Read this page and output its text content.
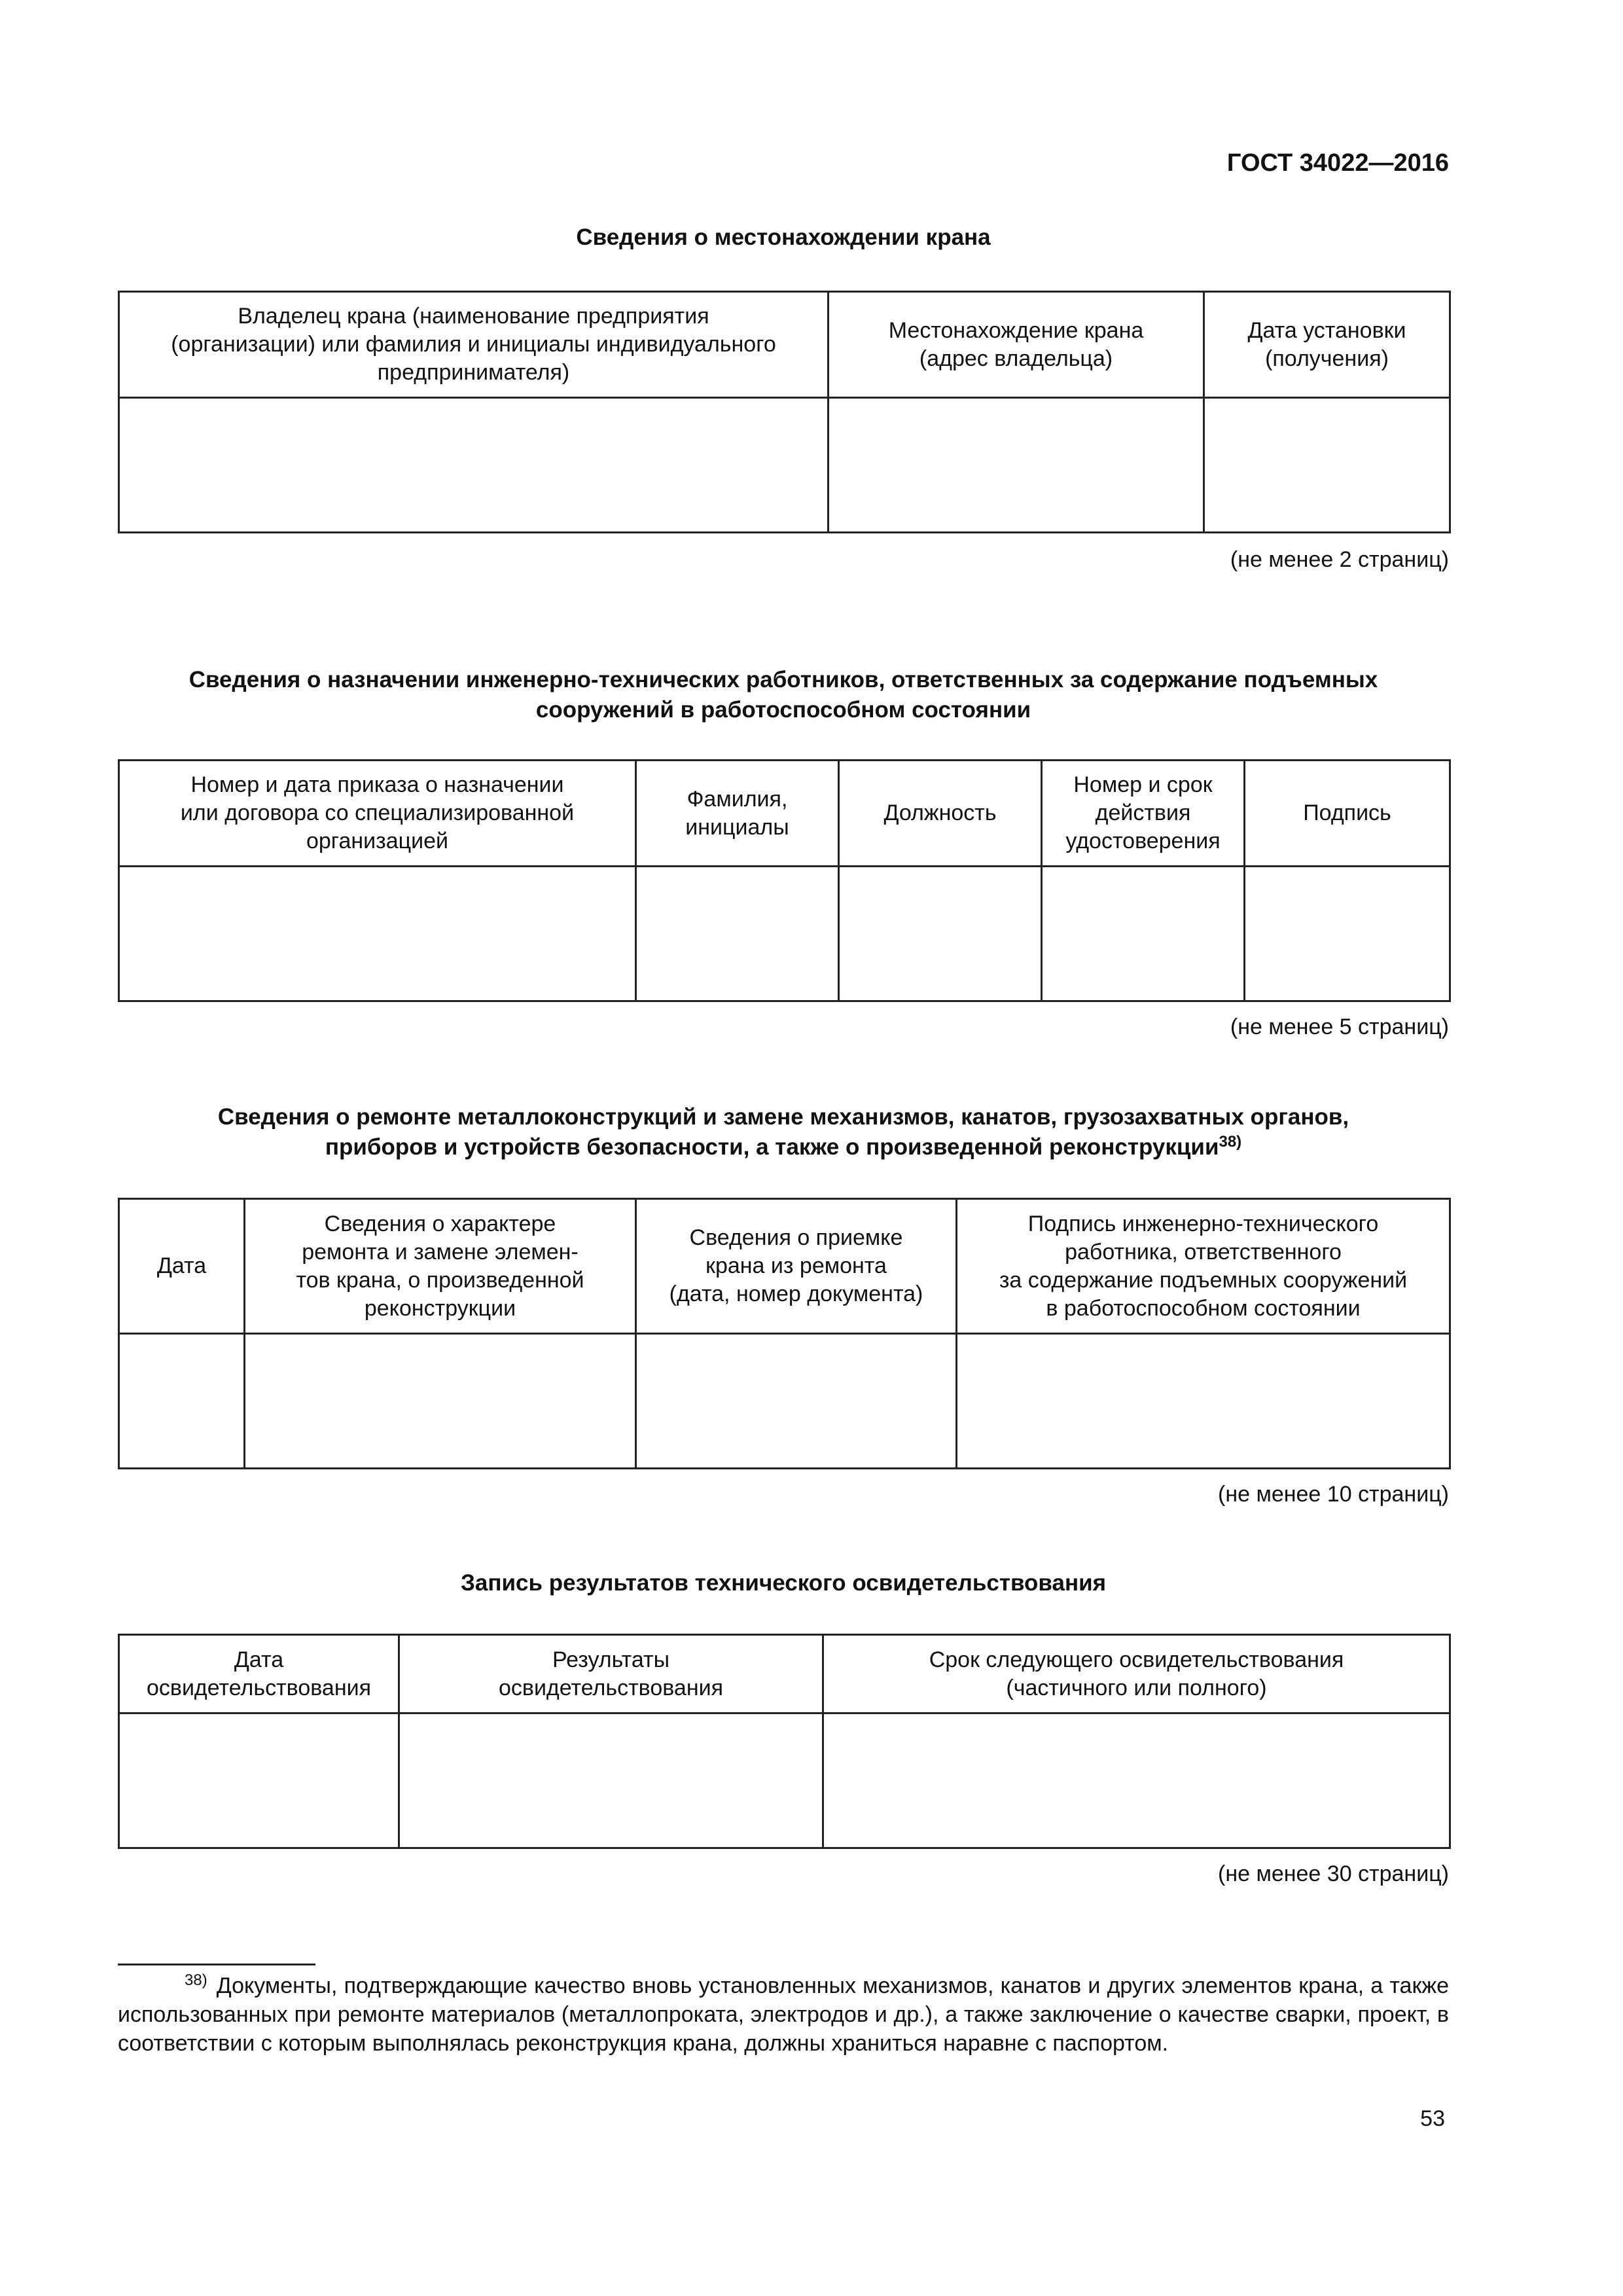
ГОСТ 34022—2016
Сведения о местонахождении крана
Владелец крана (наименование предприятия
(организации) или фамилия и инициалы индивидуального
предпринимателя)	Местонахождение крана
(адрес владельца)	Дата установки
(получения)

(не менее 2 страниц)
Сведения о назначении инженерно-технических работников, ответственных за содержание подъемных
сооружений в работоспособном состоянии
Номер и дата приказа о назначении
или договора со специализированной
организацией	Фамилия,
инициалы	Должность	Номер и срок
действия
удостоверения	Подпись

(не менее 5 страниц)
Сведения о ремонте металлоконструкций и замене механизмов, канатов, грузозахватных органов,
приборов и устройств безопасности, а также о произведенной реконструкции$^{38)}$
Дата	Сведения о характере
ремонта и замене элемен-
тов крана, о произведенной
реконструкции	Сведения о приемке
крана из ремонта
(дата, номер документа)	Подпись инженерно-технического
работника, ответственного
за содержание подъемных сооружений
в работоспособном состоянии

(не менее 10 страниц)
Запись результатов технического освидетельствования
Дата
освидетельствования	Результаты
освидетельствования	Срок следующего освидетельствования
(частичного или полного)

(не менее 30 страниц)
$^{38)}$ Документы, подтверждающие качество вновь установленных механизмов, канатов и других элементов крана, а также использованных при ремонте материалов (металлопроката, электродов и др.), а также заключение о качестве сварки, проект, в соответствии с которым выполнялась реконструкция крана, должны храниться наравне с паспортом.
53
